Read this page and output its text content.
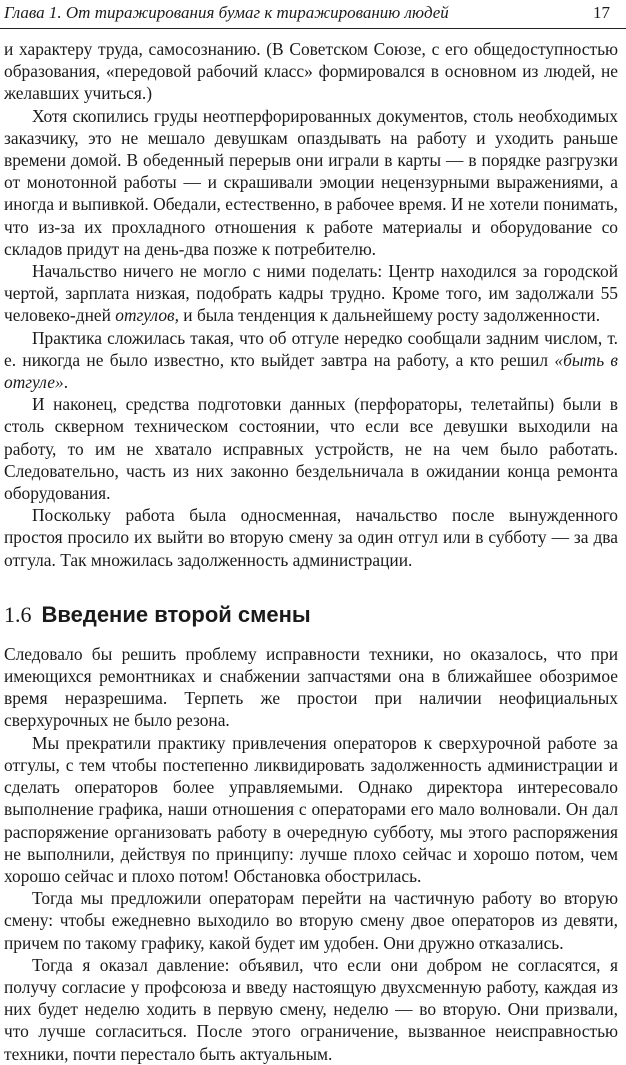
Глава 1. От тиражирования бумаг к тиражированию людей	17

и характеру труда, самосознанию. (В Советском Союзе, с его общедоступностью образования, «передовой рабочий класс» формировался в основном из людей, не желавших учиться.)

Хотя скопились груды неотперфорированных документов, столь необходимых заказчику, это не мешало девушкам опаздывать на работу и уходить раньше времени домой. В обеденный перерыв они играли в карты — в порядке разгрузки от монотонной работы — и скрашивали эмоции нецензурными выражениями, а иногда и выпивкой. Обедали, естественно, в рабочее время. И не хотели понимать, что из-за их прохладного отношения к работе материалы и оборудование со складов придут на день-два позже к потребителю.

Начальство ничего не могло с ними поделать: Центр находился за городской чертой, зарплата низкая, подобрать кадры трудно. Кроме того, им задолжали 55 человеко-дней отгулов, и была тенденция к дальнейшему росту задолженности.

Практика сложилась такая, что об отгуле нередко сообщали задним числом, т. е. никогда не было известно, кто выйдет завтра на работу, а кто решил «быть в отгуле».

И наконец, средства подготовки данных (перфораторы, телетайпы) были в столь скверном техническом состоянии, что если все девушки выходили на работу, то им не хватало исправных устройств, не на чем было работать. Следовательно, часть из них законно бездельничала в ожидании конца ремонта оборудования.

Поскольку работа была односменная, начальство после вынужденного простоя просило их выйти во вторую смену за один отгул или в субботу — за два отгула. Так множилась задолженность администрации.

1.6 Введение второй смены

Следовало бы решить проблему исправности техники, но оказалось, что при имеющихся ремонтниках и снабжении запчастями она в ближайшее обозримое время неразрешима. Терпеть же простои при наличии неофициальных сверхурочных не было резона.

Мы прекратили практику привлечения операторов к сверхурочной работе за отгулы, с тем чтобы постепенно ликвидировать задолженность администрации и сделать операторов более управляемыми. Однако директора интересовало выполнение графика, наши отношения с операторами его мало волновали. Он дал распоряжение организовать работу в очередную субботу, мы этого распоряжения не выполнили, действуя по принципу: лучше плохо сейчас и хорошо потом, чем хорошо сейчас и плохо потом! Обстановка обострилась.

Тогда мы предложили операторам перейти на частичную работу во вторую смену: чтобы ежедневно выходило во вторую смену двое операторов из девяти, причем по такому графику, какой будет им удобен. Они дружно отказались.

Тогда я оказал давление: объявил, что если они добром не согласятся, я получу согласие у профсоюза и введу настоящую двухсменную работу, каждая из них будет неделю ходить в первую смену, неделю — во вторую. Они призвали, что лучше согласиться. После этого ограничение, вызванное неисправностью техники, почти перестало быть актуальным.
